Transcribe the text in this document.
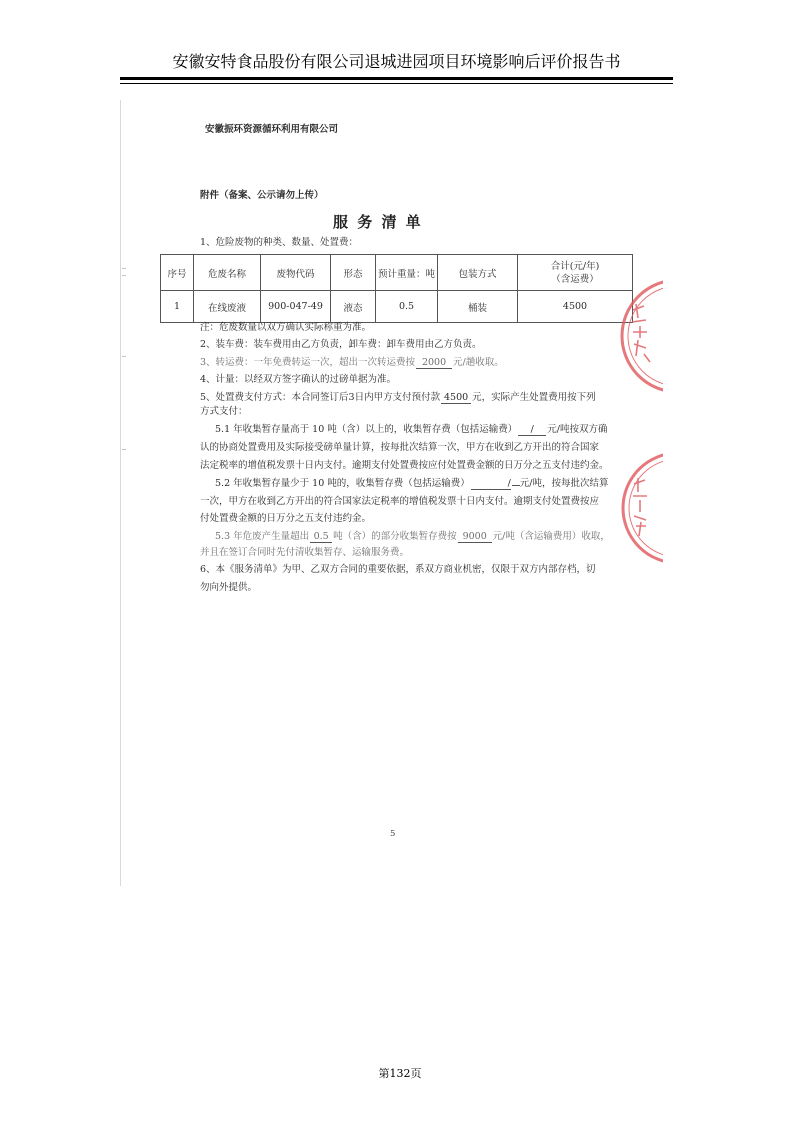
安徽安特食品股份有限公司退城进园项目环境影响后评价报告书
安徽振环资源循环利用有限公司
附件（备案、公示请勿上传）
服 务 清 单
1、危险废物的种类、数量、处置费：
序号	危废名称	废物代码	形态	预计重量：吨	包装方式	合计(元/年)
（含运费）

1	在线废液	900-047-49	液态	0.5	桶装	4500
注：危废数量以双方确认实际称重为准。
2、装车费：装车费用由乙方负责，卸车费：卸车费用由乙方负责。
3、转运费：一年免费转运一次，超出一次转运费按 2000 元/趟收取。
4、计量：以经双方签字确认的过磅单据为准。
5、处置费支付方式：本合同签订后3日内甲方支付预付款 4500 元，实际产生处置费用按下列
方式支付：
5.1 年收集暂存量高于 10 吨（含）以上的，收集暂存费（包括运输费） / 元/吨按双方确
认的协商处置费用及实际接受磅单量计算，按每批次结算一次，甲方在收到乙方开出的符合国家
法定税率的增值税发票十日内支付。逾期支付处置费按应付处置费金额的日万分之五支付违约金。
5.2 年收集暂存量少于 10 吨的，收集暂存费（包括运输费）	/ 元/吨，按每批次结算
一次，甲方在收到乙方开出的符合国家法定税率的增值税发票十日内支付。逾期支付处置费按应
付处置费金额的日万分之五支付违约金。
5.3 年危废产生量超出 0.5 吨（含）的部分收集暂存费按 9000 元/吨（含运输费用）收取，
并且在签订合同时先付清收集暂存、运输服务费。
6、本《服务清单》为甲、乙双方合同的重要依据，系双方商业机密，仅限于双方内部存档，切
勿向外提供。
5
第132页
